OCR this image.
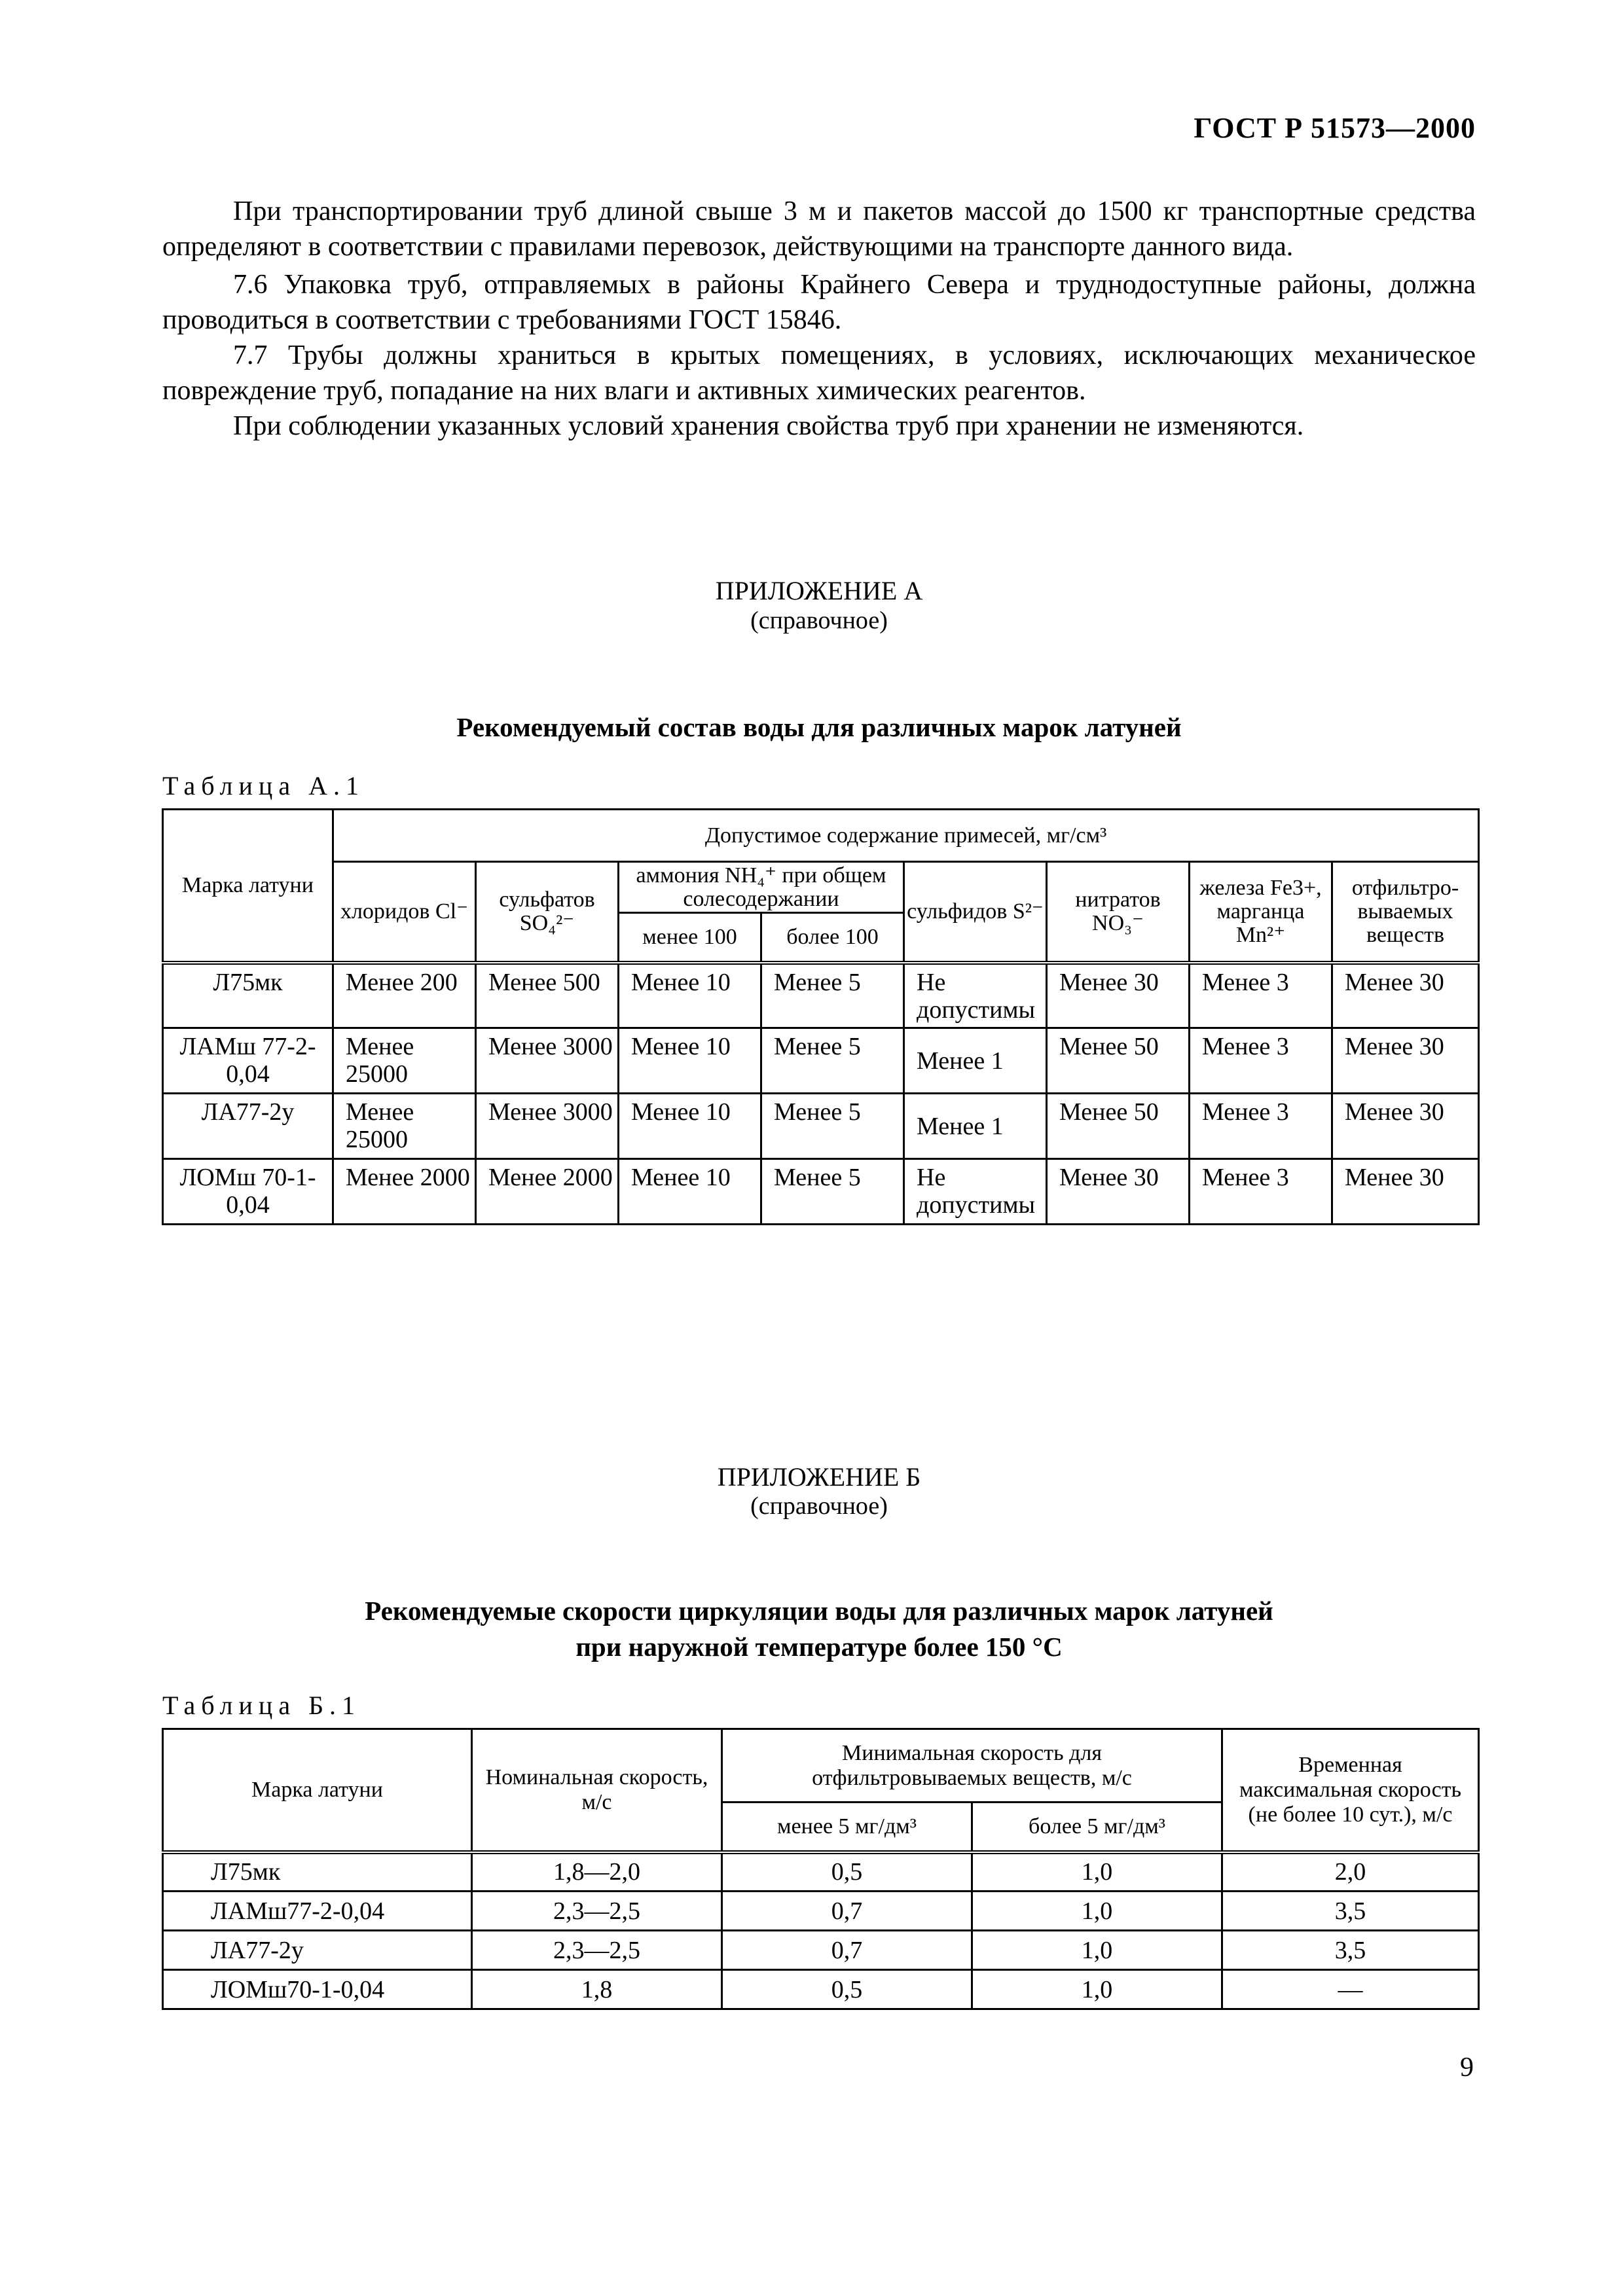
ГОСТ Р 51573—2000

При транспортировании труб длиной свыше 3 м и пакетов массой до 1500 кг транспортные средства определяют в соответствии с правилами перевозок, действующими на транспорте данного вида.

7.6 Упаковка труб, отправляемых в районы Крайнего Севера и труднодоступные районы, должна проводиться в соответствии с требованиями ГОСТ 15846.

7.7 Трубы должны храниться в крытых помещениях, в условиях, исключающих механическое повреждение труб, попадание на них влаги и активных химических реагентов.

При соблюдении указанных условий хранения свойства труб при хранении не изменяются.

ПРИЛОЖЕНИЕ А
(справочное)
Рекомендуемый состав воды для различных марок латуней
Таблица А.1
Марка латуни	Допустимое содержание примесей, мг/см³							
	хлоридов Cl⁻	сульфатов SO₄²⁻	аммония NH₄⁺ при общем солесодержании		сульфидов S²⁻	нитратов NO₃⁻	железа Fe3+, марганца Mn²⁺	отфильтро-вываемых веществ
			менее 100	более 100				
Л75мк	Менее 200	Менее 500	Менее 10	Менее 5	Не допустимы	Менее 30	Менее 3	Менее 30
ЛАМш 77-2-0,04	Менее 25000	Менее 3000	Менее 10	Менее 5	Менее 1	Менее 50	Менее 3	Менее 30
ЛА77-2у	Менее 25000	Менее 3000	Менее 10	Менее 5	Менее 1	Менее 50	Менее 3	Менее 30
ЛОМш 70-1-0,04	Менее 2000	Менее 2000	Менее 10	Менее 5	Не допустимы	Менее 30	Менее 3	Менее 30
ПРИЛОЖЕНИЕ Б
(справочное)
Рекомендуемые скорости циркуляции воды для различных марок латуней
при наружной температуре более 150 °С
Таблица Б.1
Марка латуни	Номинальная скорость, м/с	Минимальная скорость для отфильтровываемых веществ, м/с		Временная максимальная скорость (не более 10 сут.), м/с
		менее 5 мг/дм³	более 5 мг/дм³	
Л75мк	1,8—2,0	0,5	1,0	2,0
ЛАМш77-2-0,04	2,3—2,5	0,7	1,0	3,5
ЛА77-2у	2,3—2,5	0,7	1,0	3,5
ЛОМш70-1-0,04	1,8	0,5	1,0	—
9
